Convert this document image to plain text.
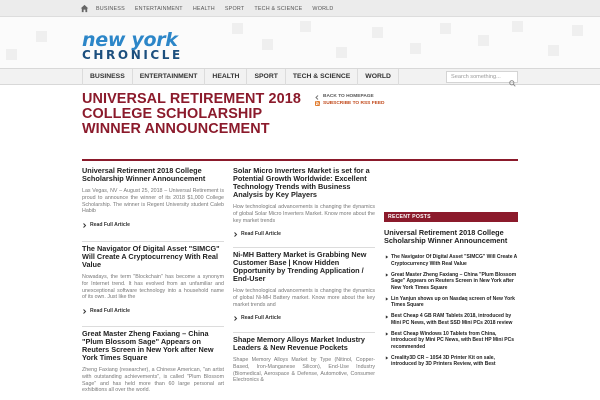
BUSINESS ENTERTAINMENT HEALTH SPORT TECH & SCIENCE WORLD
new york
CHRONICLE
BUSINESS	ENTERTAINMENT	HEALTH	SPORT	TECH & SCIENCE	WORLD	Search something...
UNIVERSAL RETIREMENT 2018 COLLEGE SCHOLARSHIP WINNER ANNOUNCEMENT
BACK TO HOMEPAGE
SUBSCRIBE TO RSS FEED
Universal Retirement 2018 College Scholarship Winner Announcement
Las Vegas, NV – August 25, 2018 – Universal Retirement is proud to announce the winner of its 2018 $1,000 College Scholarship. The winner is Regent University student Caleb Habib
Read Full Article
The Navigator Of Digital Asset "SIMCG" Will Create A Cryptocurrency With Real Value
Nowadays, the term "Blockchain" has become a synonym for Internet trend. It has evolved from an unfamiliar and unexceptional software technology into a household name of its own. Just like the
Read Full Article
Great Master Zheng Faxiang – China "Plum Blossom Sage" Appears on Reuters Screen in New York after New York Times Square
Zheng Faxiang (researcher), a Chinese American, "an artist with outstanding achievements", is called "Plum Blossom Sage" and has held more than 60 large personal art exhibitions all over the world.
Solar Micro Inverters Market is set for a Potential Growth Worldwide: Excellent Technology Trends with Business Analysis by Key Players
How technological advancements is changing the dynamics of global Solar Micro Inverters Market. Know more about the key market trends
Read Full Article
Ni-MH Battery Market is Grabbing New Customer Base | Know Hidden Opportunity by Trending Application / End-User
How technological advancements is changing the dynamics of global Ni-MH Battery market. Know more about the key market trends and
Read Full Article
Shape Memory Alloys Market Industry Leaders & New Revenue Pockets
Shape Memory Alloys Market by Type (Nitinol, Copper-Based, Iron-Manganese Silicon), End-Use Industry (Biomedical, Aerospace & Defense, Automotive, Consumer Electronics &
RECENT POSTS
Universal Retirement 2018 College Scholarship Winner Announcement
The Navigator Of Digital Asset "SIMCG" Will Create A Cryptocurrency With Real Value
Great Master Zheng Faxiang – China "Plum Blossom Sage" Appears on Reuters Screen in New York after New York Times Square
Lin Yanjun shows up on Nasdaq screen of New York Times Square
Best Cheap 4 GB RAM Tablets 2018, introduced by Mini PC News, with Best SSD Mini PCs 2018 review
Best Cheap Windows 10 Tablets from China, introduced by Mini PC News, with Best HP Mini PCs recommended
Creality3D CR – 10S4 3D Printer Kit on sale, introduced by 3D Printers Review, with Best
